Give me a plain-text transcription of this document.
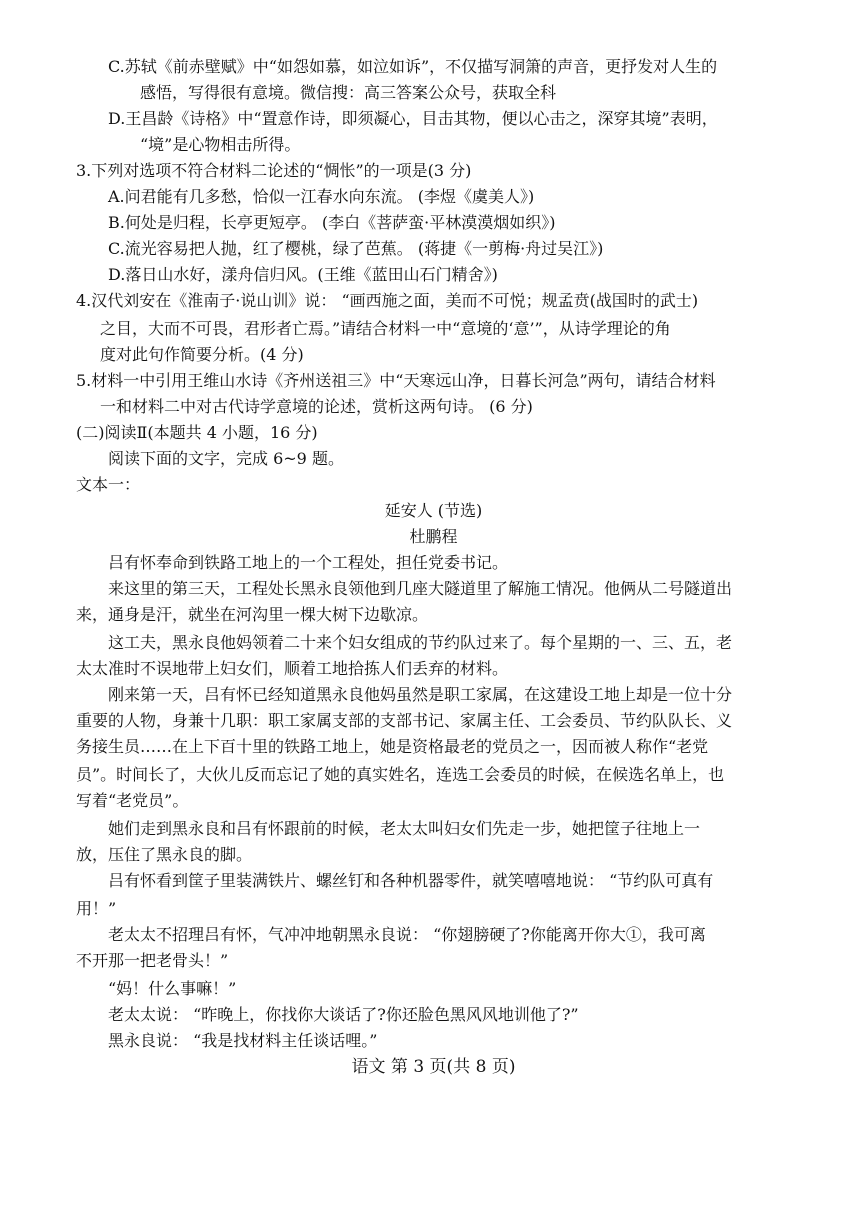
C.苏轼《前赤壁赋》中“如怨如慕，如泣如诉”，不仅描写洞箫的声音，更抒发对人生的
感悟，写得很有意境。微信搜：高三答案公众号，获取全科
D.王昌龄《诗格》中“置意作诗，即须凝心，目击其物，便以心击之，深穿其境”表明，
“境”是心物相击所得。
3.下列对选项不符合材料二论述的“惆怅”的一项是(3 分)
A.问君能有几多愁，恰似一江春水向东流。 (李煜《虞美人》)
B.何处是归程，长亭更短亭。 (李白《菩萨蛮·平林漠漠烟如织》)
C.流光容易把人抛，红了樱桃，绿了芭蕉。 (蒋捷《一剪梅·舟过吴江》)
D.落日山水好，漾舟信归风。(王维《蓝田山石门精舍》)
4.汉代刘安在《淮南子·说山训》说： “画西施之面，美而不可悦；规孟贲(战国时的武士)
之目，大而不可畏，君形者亡焉。”请结合材料一中“意境的‘意’”，从诗学理论的角
度对此句作简要分析。(4 分)
5.材料一中引用王维山水诗《齐州送祖三》中“天寒远山净，日暮长河急”两句，请结合材料
一和材料二中对古代诗学意境的论述，赏析这两句诗。 (6 分)
(二)阅读Ⅱ(本题共 4 小题，16 分)
阅读下面的文字，完成 6~9 题。
文本一：
延安人 (节选)
杜鹏程
吕有怀奉命到铁路工地上的一个工程处，担任党委书记。
来这里的第三天，工程处长黑永良领他到几座大隧道里了解施工情况。他俩从二号隧道出
来，通身是汗，就坐在河沟里一棵大树下边歇凉。
这工夫，黑永良他妈领着二十来个妇女组成的节约队过来了。每个星期的一、三、五，老
太太准时不误地带上妇女们，顺着工地拾拣人们丢弃的材料。
刚来第一天，吕有怀已经知道黑永良他妈虽然是职工家属，在这建设工地上却是一位十分
重要的人物，身兼十几职：职工家属支部的支部书记、家属主任、工会委员、节约队队长、义
务接生员……在上下百十里的铁路工地上，她是资格最老的党员之一，因而被人称作“老党
员”。时间长了，大伙儿反而忘记了她的真实姓名，连选工会委员的时候，在候选名单上，也
写着“老党员”。
她们走到黑永良和吕有怀跟前的时候，老太太叫妇女们先走一步，她把筐子往地上一
放，压住了黑永良的脚。
吕有怀看到筐子里装满铁片、螺丝钉和各种机器零件，就笑嘻嘻地说： “节约队可真有
用！”
老太太不招理吕有怀，气冲冲地朝黑永良说： “你翅膀硬了?你能离开你大①，我可离
不开那一把老骨头！”
“妈！什么事嘛！”
老太太说： “昨晚上，你找你大谈话了?你还脸色黑风风地训他了?”
黑永良说： “我是找材料主任谈话哩。”
语文 第 3 页(共 8 页)
